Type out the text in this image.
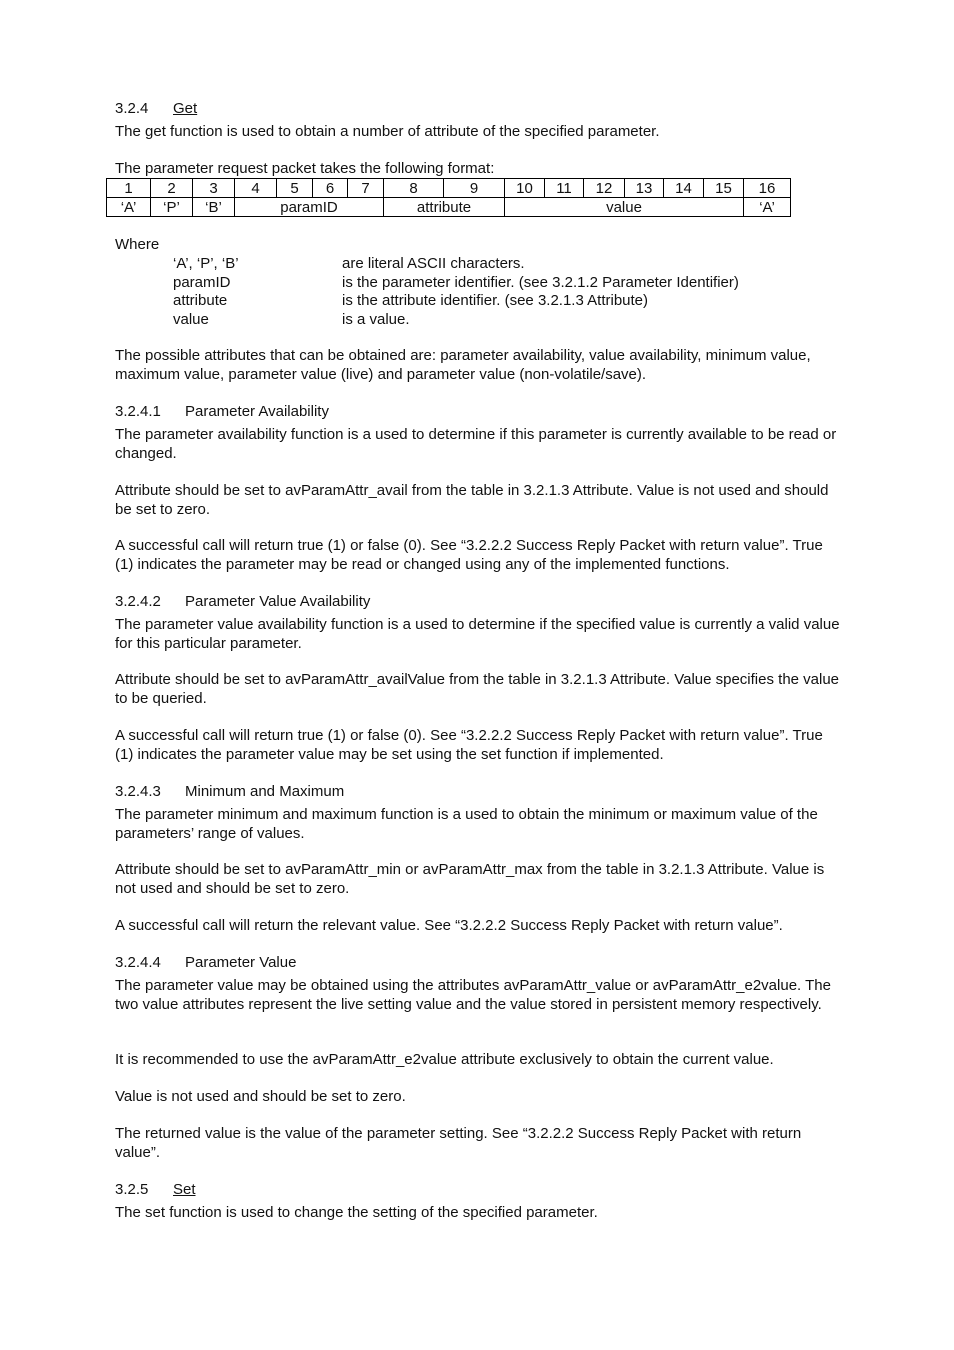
3.2.4 Get

The get function is used to obtain a number of attribute of the specified parameter.

The parameter request packet takes the following format:

1	2	3	4	5	6	7	8	9	10	11	12	13	14	15	16
‘A’	‘P’	‘B’	paramID				attribute		value						‘A’

Where

‘A’, ‘P’, ‘B’	are literal ASCII characters.
paramID	is the parameter identifier. (see 3.2.1.2 Parameter Identifier)
attribute	is the attribute identifier. (see 3.2.1.3 Attribute)
value	is a value.

The possible attributes that can be obtained are: parameter availability, value availability, minimum value, maximum value, parameter value (live) and parameter value (non-volatile/save).

3.2.4.1 Parameter Availability

The parameter availability function is a used to determine if this parameter is currently available to be read or changed.

Attribute should be set to avParamAttr_avail from the table in 3.2.1.3 Attribute. Value is not used and should be set to zero.

A successful call will return true (1) or false (0). See “3.2.2.2 Success Reply Packet with return value”. True (1) indicates the parameter may be read or changed using any of the implemented functions.

3.2.4.2 Parameter Value Availability

The parameter value availability function is a used to determine if the specified value is currently a valid value for this particular parameter.

Attribute should be set to avParamAttr_availValue from the table in 3.2.1.3 Attribute. Value specifies the value to be queried.

A successful call will return true (1) or false (0). See “3.2.2.2 Success Reply Packet with return value”. True (1) indicates the parameter value may be set using the set function if implemented.

3.2.4.3 Minimum and Maximum

The parameter minimum and maximum function is a used to obtain the minimum or maximum value of the parameters’ range of values.

Attribute should be set to avParamAttr_min or avParamAttr_max from the table in 3.2.1.3 Attribute. Value is not used and should be set to zero.

A successful call will return the relevant value. See “3.2.2.2 Success Reply Packet with return value”.

3.2.4.4 Parameter Value

The parameter value may be obtained using the attributes avParamAttr_value or avParamAttr_e2value. The two value attributes represent the live setting value and the value stored in persistent memory respectively.

It is recommended to use the avParamAttr_e2value attribute exclusively to obtain the current value.

Value is not used and should be set to zero.

The returned value is the value of the parameter setting. See “3.2.2.2 Success Reply Packet with return value”.

3.2.5 Set

The set function is used to change the setting of the specified parameter.
